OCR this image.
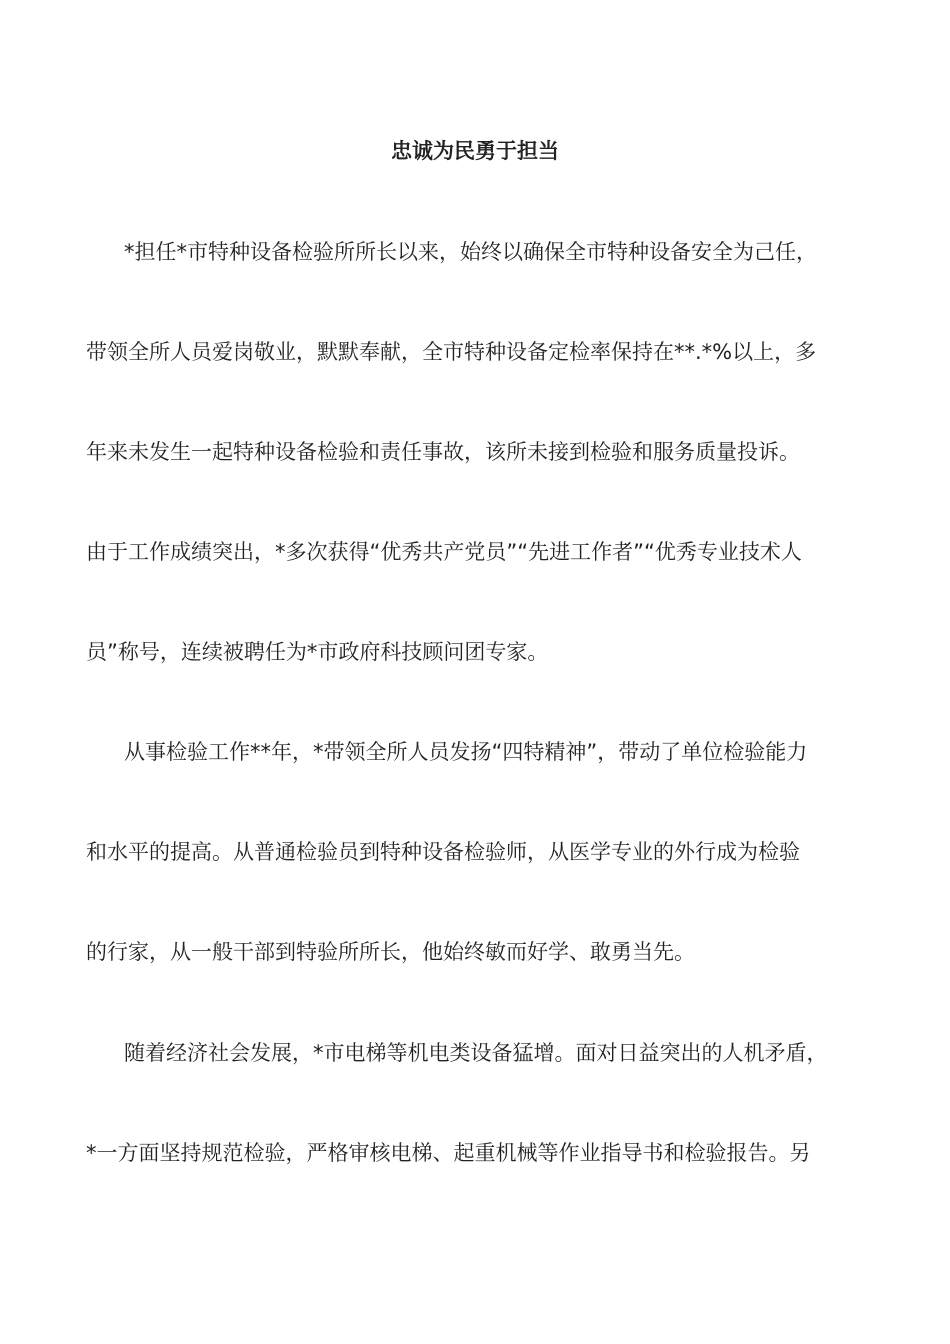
忠诚为民勇于担当
*担任*市特种设备检验所所长以来，始终以确保全市特种设备安全为己任，
带领全所人员爱岗敬业，默默奉献，全市特种设备定检率保持在**.*%以上，多
年来未发生一起特种设备检验和责任事故，该所未接到检验和服务质量投诉。
由于工作成绩突出，*多次获得“优秀共产党员”“先进工作者”“优秀专业技术人
员”称号，连续被聘任为*市政府科技顾问团专家。
从事检验工作**年，*带领全所人员发扬“四特精神”，带动了单位检验能力
和水平的提高。从普通检验员到特种设备检验师，从医学专业的外行成为检验
的行家，从一般干部到特验所所长，他始终敏而好学、敢勇当先。
随着经济社会发展，*市电梯等机电类设备猛增。面对日益突出的人机矛盾，
*一方面坚持规范检验，严格审核电梯、起重机械等作业指导书和检验报告。另
